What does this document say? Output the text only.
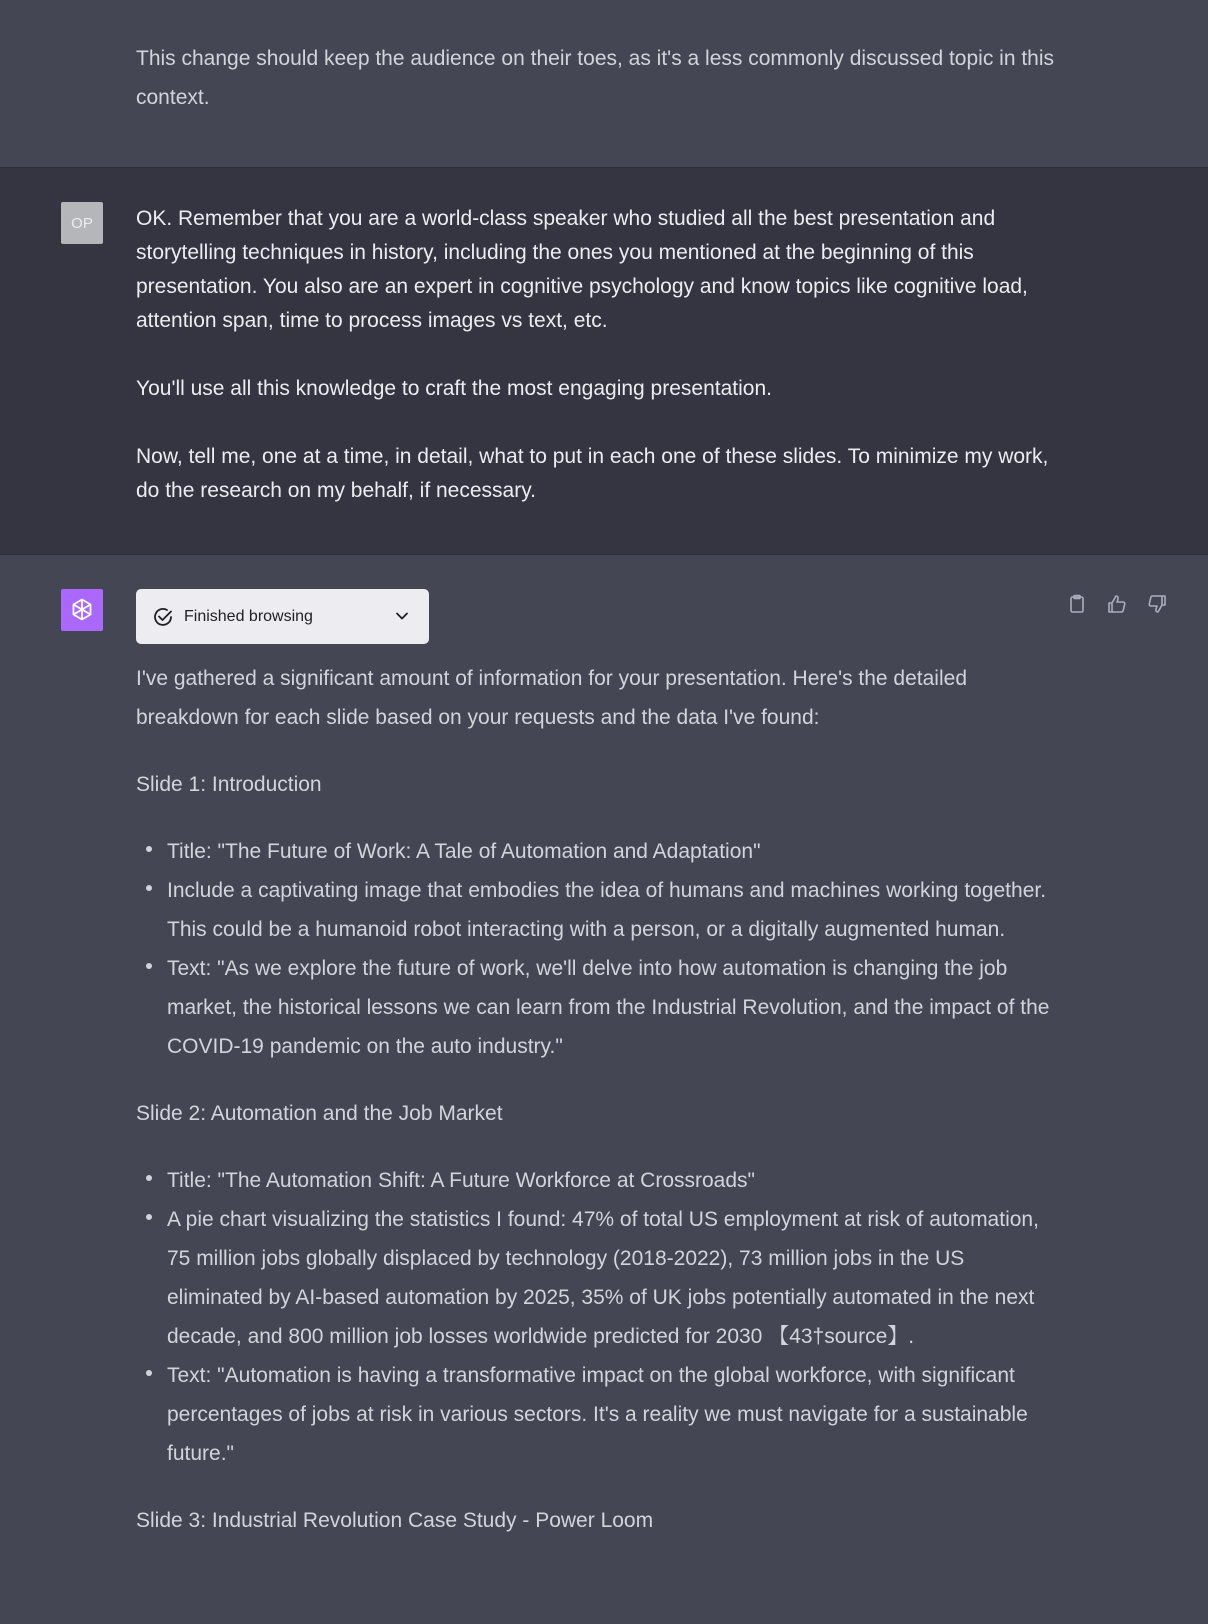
This change should keep the audience on their toes, as it's a less commonly discussed topic in this context.

OP OK. Remember that you are a world-class speaker who studied all the best presentation and storytelling techniques in history, including the ones you mentioned at the beginning of this presentation. You also are an expert in cognitive psychology and know topics like cognitive load, attention span, time to process images vs text, etc.

You'll use all this knowledge to craft the most engaging presentation.

Now, tell me, one at a time, in detail, what to put in each one of these slides. To minimize my work, do the research on my behalf, if necessary.

Finished browsing

I've gathered a significant amount of information for your presentation. Here's the detailed breakdown for each slide based on your requests and the data I've found:

Slide 1: Introduction

Title: "The Future of Work: A Tale of Automation and Adaptation"
Include a captivating image that embodies the idea of humans and machines working together. This could be a humanoid robot interacting with a person, or a digitally augmented human.
Text: "As we explore the future of work, we'll delve into how automation is changing the job market, the historical lessons we can learn from the Industrial Revolution, and the impact of the COVID-19 pandemic on the auto industry."

Slide 2: Automation and the Job Market

Title: "The Automation Shift: A Future Workforce at Crossroads"
A pie chart visualizing the statistics I found: 47% of total US employment at risk of automation, 75 million jobs globally displaced by technology (2018-2022), 73 million jobs in the US eliminated by AI-based automation by 2025, 35% of UK jobs potentially automated in the next decade, and 800 million job losses worldwide predicted for 2030 【43†source】.
Text: "Automation is having a transformative impact on the global workforce, with significant percentages of jobs at risk in various sectors. It's a reality we must navigate for a sustainable future."

Slide 3: Industrial Revolution Case Study - Power Loom
